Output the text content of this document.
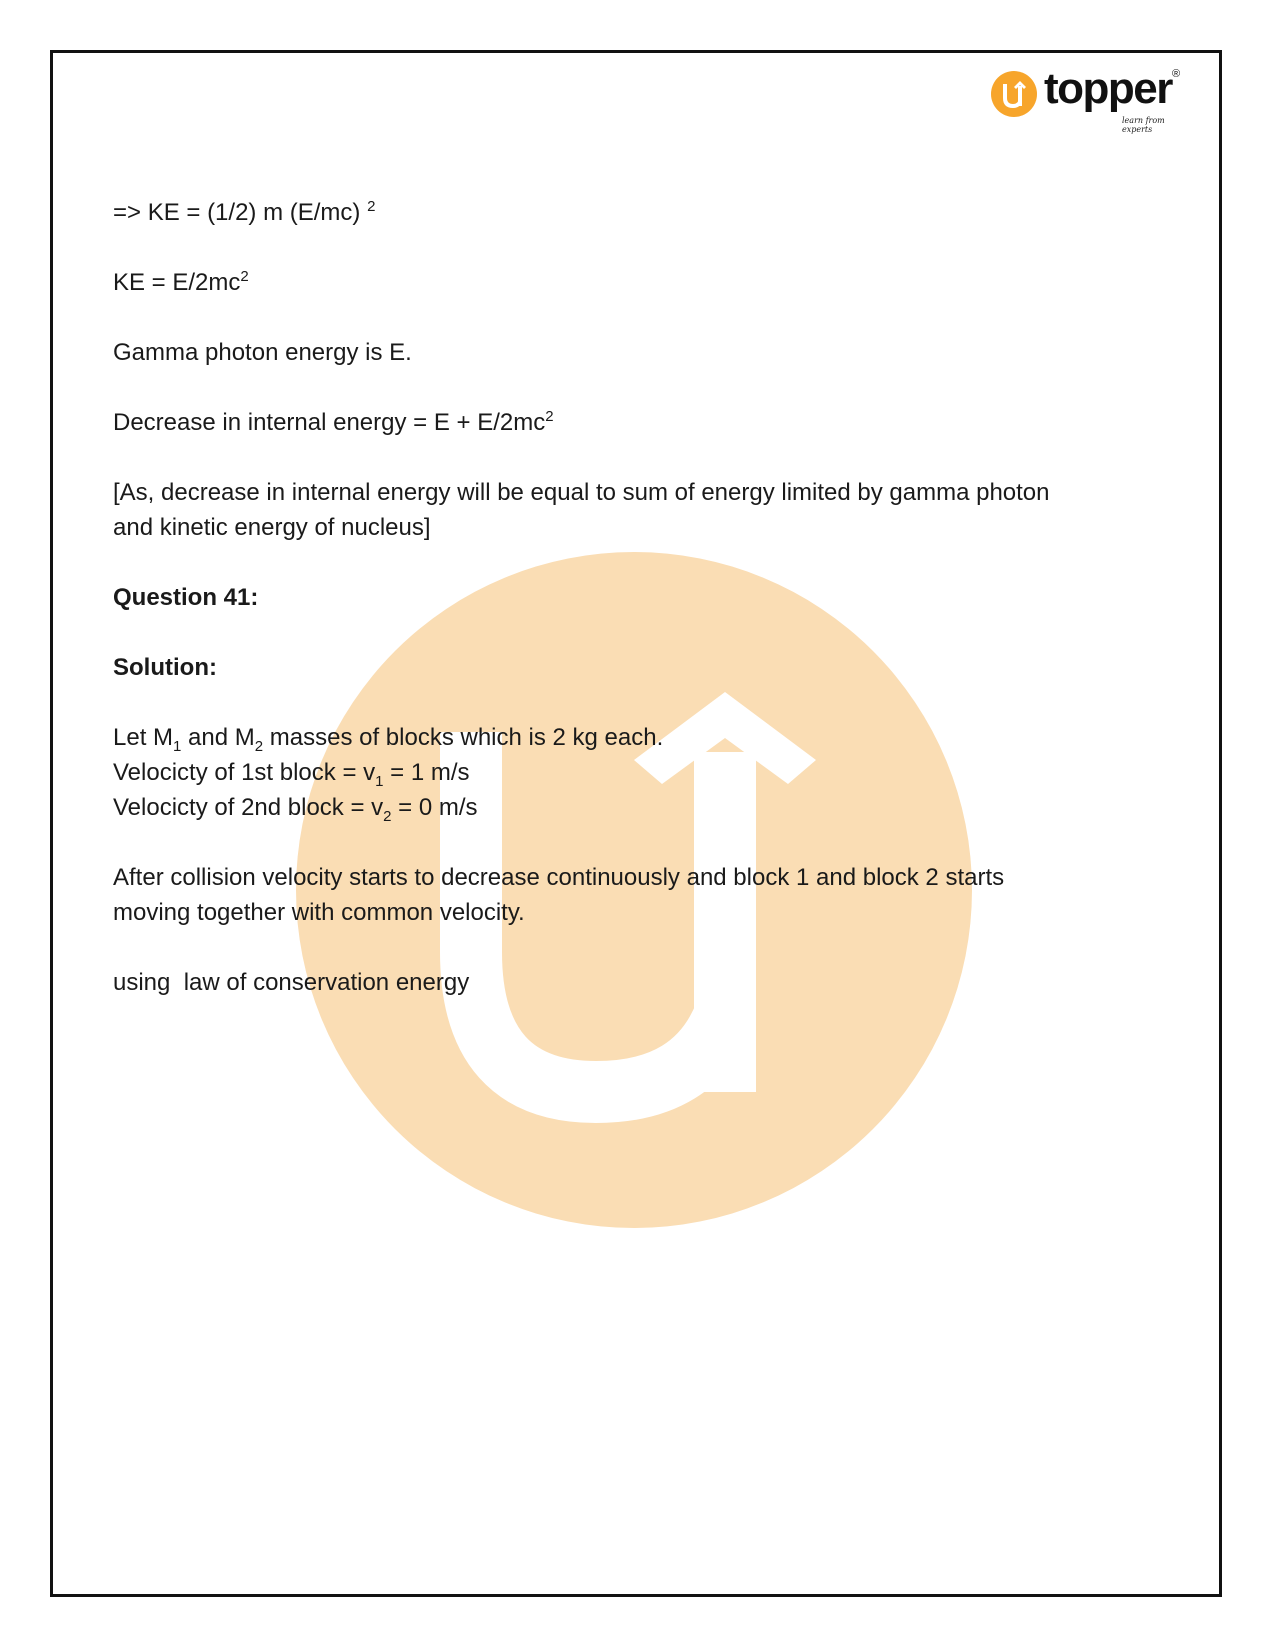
topper ®
learn from experts

=> KE = (1/2) m (E/mc) $^2$

KE = $E/2mc^2$

Gamma photon energy is E.

Decrease in internal energy = $E + E/2mc^2$

[As, decrease in internal energy will be equal to sum of energy limited by gamma photon

and kinetic energy of nucleus]

Question 41:

Solution:

Let $M_1$ and $M_2$ masses of blocks which is 2 kg each.

Velocicty of 1st block = $v_1 = 1$ m/s

Velocicty of 2nd block = $v_2 = 0$ m/s

After collision velocity starts to decrease continuously and block 1 and block 2 starts

moving together with common velocity.

using  law of conservation energy
